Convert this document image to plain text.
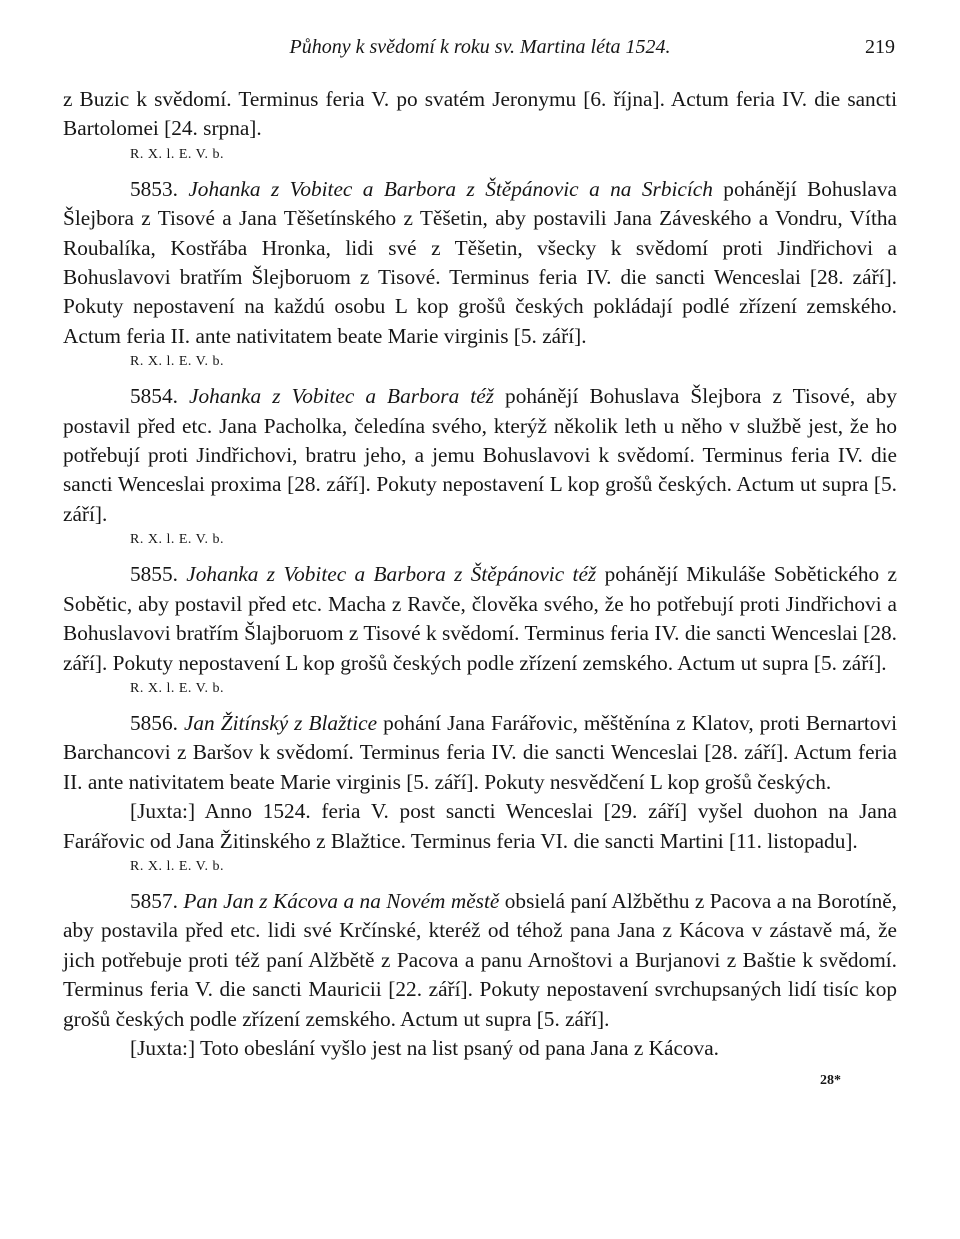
Půhony k svědomí k roku sv. Martina léta 1524.	219

z Buzic k svědomí. Terminus feria V. po svatém Jeronymu [6. října]. Actum feria IV. die sancti Bartolomei [24. srpna].

R. X. l. E. V. b.

5853. Johanka z Vobitec a Barbora z Štěpánovic a na Srbicích pohánějí Bohuslava Šlejbora z Tisové a Jana Těšetínského z Těšetin, aby postavili Jana Záveského a Vondru, Vítha Roubalíka, Kostřába Hronka, lidi své z Těšetin, všecky k svědomí proti Jindřichovi a Bohuslavovi bratřím Šlejboruom z Tisové. Terminus feria IV. die sancti Wenceslai [28. září]. Pokuty nepostavení na každú osobu L kop grošů českých pokládají podlé zřízení zemského. Actum feria II. ante nativitatem beate Marie virginis [5. září].

R. X. l. E. V. b.

5854. Johanka z Vobitec a Barbora též pohánějí Bohuslava Šlejbora z Tisové, aby postavil před etc. Jana Pacholka, čeledína svého, kterýž několik leth u něho v službě jest, že ho potřebují proti Jindřichovi, bratru jeho, a jemu Bohuslavovi k svědomí. Terminus feria IV. die sancti Wenceslai proxima [28. září]. Pokuty nepostavení L kop grošů českých. Actum ut supra [5. září].

R. X. l. E. V. b.

5855. Johanka z Vobitec a Barbora z Štěpánovic též pohánějí Mikuláše Sobětického z Sobětic, aby postavil před etc. Macha z Ravče, člověka svého, že ho potřebují proti Jindřichovi a Bohuslavovi bratřím Šlajboruom z Tisové k svědomí. Terminus feria IV. die sancti Wenceslai [28. září]. Pokuty nepostavení L kop grošů českých podle zřízení zemského. Actum ut supra [5. září].

R. X. l. E. V. b.

5856. Jan Žitínský z Blažtice pohání Jana Farářovic, měštěnína z Klatov, proti Bernartovi Barchancovi z Baršov k svědomí. Terminus feria IV. die sancti Wenceslai [28. září]. Actum feria II. ante nativitatem beate Marie virginis [5. září]. Pokuty nesvědčení L kop grošů českých.

[Juxta:] Anno 1524. feria V. post sancti Wenceslai [29. září] vyšel duohon na Jana Farářovic od Jana Žitinského z Blažtice. Terminus feria VI. die sancti Martini [11. listopadu].

R. X. l. E. V. b.

5857. Pan Jan z Kácova a na Novém městě obsielá paní Alžběthu z Pacova a na Borotíně, aby postavila před etc. lidi své Krčínské, kteréž od téhož pana Jana z Kácova v zástavě má, že jich potřebuje proti též paní Alžbětě z Pacova a panu Arnoštovi a Burjanovi z Baštie k svědomí. Terminus feria V. die sancti Mauricii [22. září]. Pokuty nepostavení svrchupsaných lidí tisíc kop grošů českých podle zřízení zemského. Actum ut supra [5. září].

[Juxta:] Toto obeslání vyšlo jest na list psaný od pana Jana z Kácova.

28*
